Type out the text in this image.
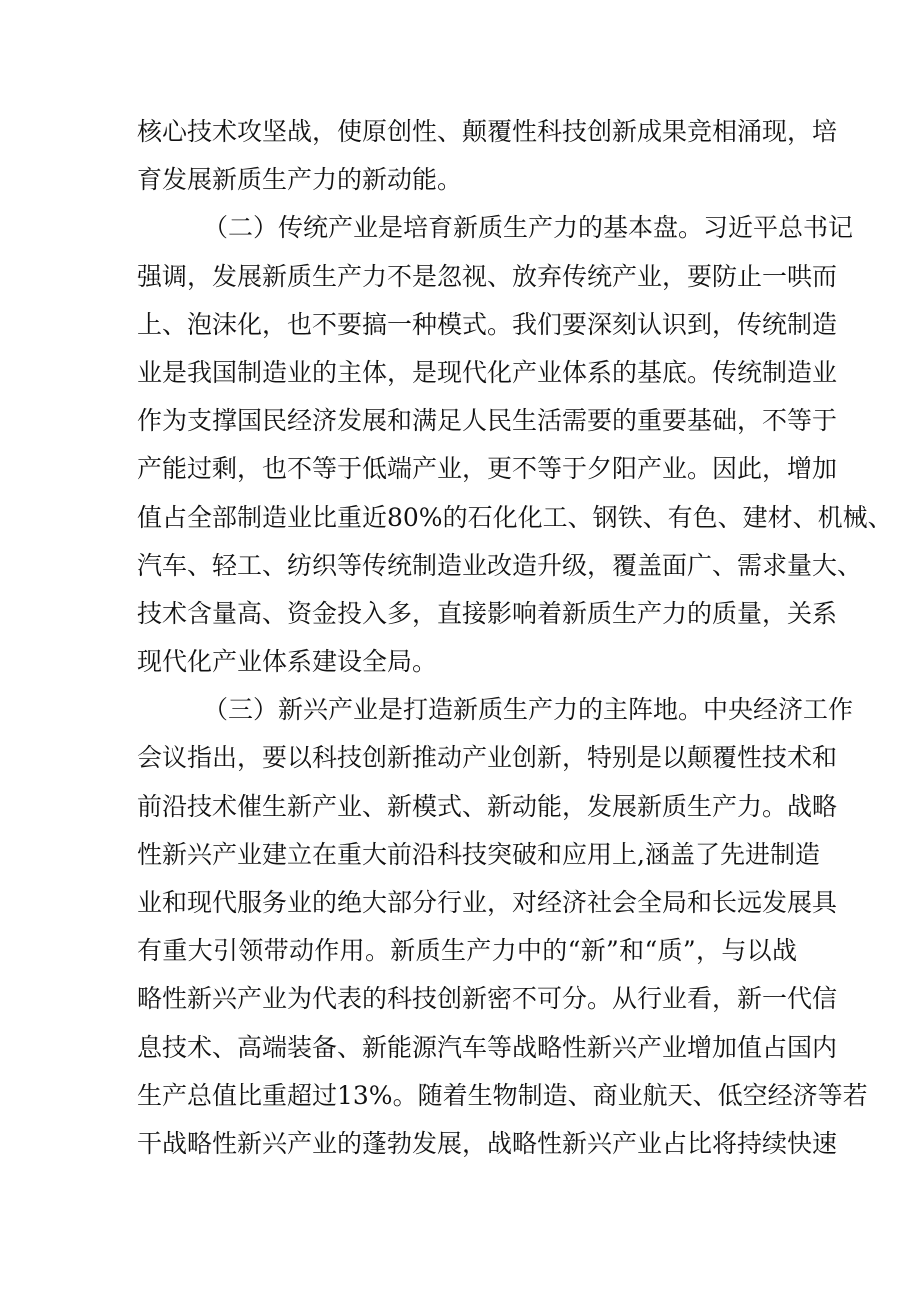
核心技术攻坚战，使原创性、颠覆性科技创新成果竞相涌现，培
育发展新质生产力的新动能。
（二）传统产业是培育新质生产力的基本盘。习近平总书记
强调，发展新质生产力不是忽视、放弃传统产业，要防止一哄而
上、泡沫化，也不要搞一种模式。我们要深刻认识到，传统制造
业是我国制造业的主体，是现代化产业体系的基底。传统制造业
作为支撑国民经济发展和满足人民生活需要的重要基础，不等于
产能过剩，也不等于低端产业，更不等于夕阳产业。因此，增加
值占全部制造业比重近80%的石化化工、钢铁、有色、建材、机械、
汽车、轻工、纺织等传统制造业改造升级，覆盖面广、需求量大、
技术含量高、资金投入多，直接影响着新质生产力的质量，关系
现代化产业体系建设全局。
（三）新兴产业是打造新质生产力的主阵地。中央经济工作
会议指出，要以科技创新推动产业创新，特别是以颠覆性技术和
前沿技术催生新产业、新模式、新动能，发展新质生产力。战略
性新兴产业建立在重大前沿科技突破和应用上,涵盖了先进制造
业和现代服务业的绝大部分行业，对经济社会全局和长远发展具
有重大引领带动作用。新质生产力中的“新”和“质”，与以战
略性新兴产业为代表的科技创新密不可分。从行业看，新一代信
息技术、高端装备、新能源汽车等战略性新兴产业增加值占国内
生产总值比重超过13%。随着生物制造、商业航天、低空经济等若
干战略性新兴产业的蓬勃发展，战略性新兴产业占比将持续快速
